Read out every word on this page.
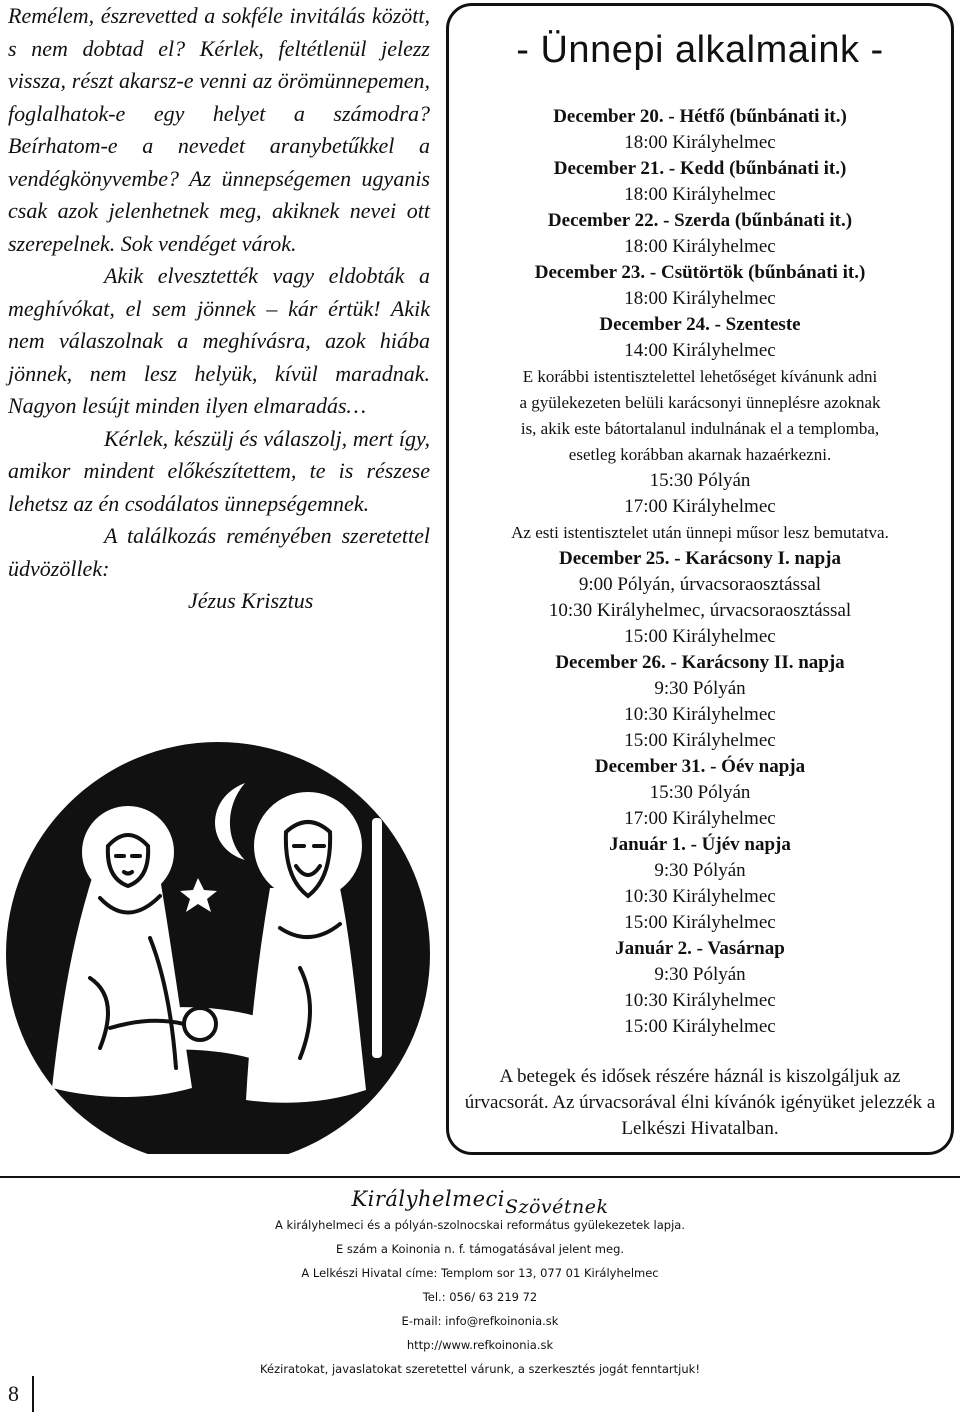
Remélem, észrevetted a sokféle invitálás között, s nem dobtad el? Kérlek, feltétlenül jelezz vissza, részt akarsz-e venni az örömünnepemen, foglalhatok-e egy helyet a számodra? Beírhatom-e a nevedet aranybetűkkel a vendégkönyvembe? Az ünnepségemen ugyanis csak azok jelenhetnek meg, akiknek nevei ott szerepelnek. Sok vendéget várok.

Akik elvesztették vagy eldobták a meghívókat, el sem jönnek – kár értük! Akik nem válaszolnak a meghívásra, azok hiába jönnek, nem lesz helyük, kívül maradnak. Nagyon lesújt minden ilyen elmaradás…

Kérlek, készülj és válaszolj, mert így, amikor mindent előkészítettem, te is részese lehetsz az én csodálatos ünnepségemnek.

A találkozás reményében szeretettel üdvözöllek:

Jézus Krisztus

- Ünnepi alkalmaink -
December 20. - Hétfő (bűnbánati it.)
18:00 Királyhelmec
December 21. - Kedd (bűnbánati it.)
18:00 Királyhelmec
December 22. - Szerda (bűnbánati it.)
18:00 Királyhelmec
December 23. - Csütörtök (bűnbánati it.)
18:00 Királyhelmec
December 24. - Szenteste
14:00 Királyhelmec
E korábbi istentisztelettel lehetőséget kívánunk adni
a gyülekezeten belüli karácsonyi ünneplésre azoknak
is, akik este bátortalanul indulnának el a templomba,
esetleg korábban akarnak hazaérkezni.
15:30 Pólyán
17:00 Királyhelmec
Az esti istentisztelet után ünnepi műsor lesz bemutatva.
December 25. - Karácsony I. napja
9:00 Pólyán, úrvacsoraosztással
10:30 Királyhelmec, úrvacsoraosztással
15:00 Királyhelmec
December 26. - Karácsony II. napja
9:30 Pólyán
10:30 Királyhelmec
15:00 Királyhelmec
December 31. - Óév napja
15:30 Pólyán
17:00 Királyhelmec
Január 1. - Újév napja
9:30 Pólyán
10:30 Királyhelmec
15:00 Királyhelmec
Január 2. - Vasárnap
9:30 Pólyán
10:30 Királyhelmec
15:00 Királyhelmec
A betegek és idősek részére háznál is kiszolgáljuk az úrvacsorát. Az úrvacsorával élni kívánók igényüket jelezzék a Lelkészi Hivatalban.
8
KirályhelmeciSzövétnek
A királyhelmeci és a pólyán-szolnocskai református gyülekezetek lapja.
E szám a Koinonia n. f. támogatásával jelent meg.
A Lelkészi Hivatal címe: Templom sor 13, 077 01 Királyhelmec
Tel.: 056/ 63 219 72
E-mail: info@refkoinonia.sk
http://www.refkoinonia.sk
Kéziratokat, javaslatokat szeretettel várunk, a szerkesztés jogát fenntartjuk!
